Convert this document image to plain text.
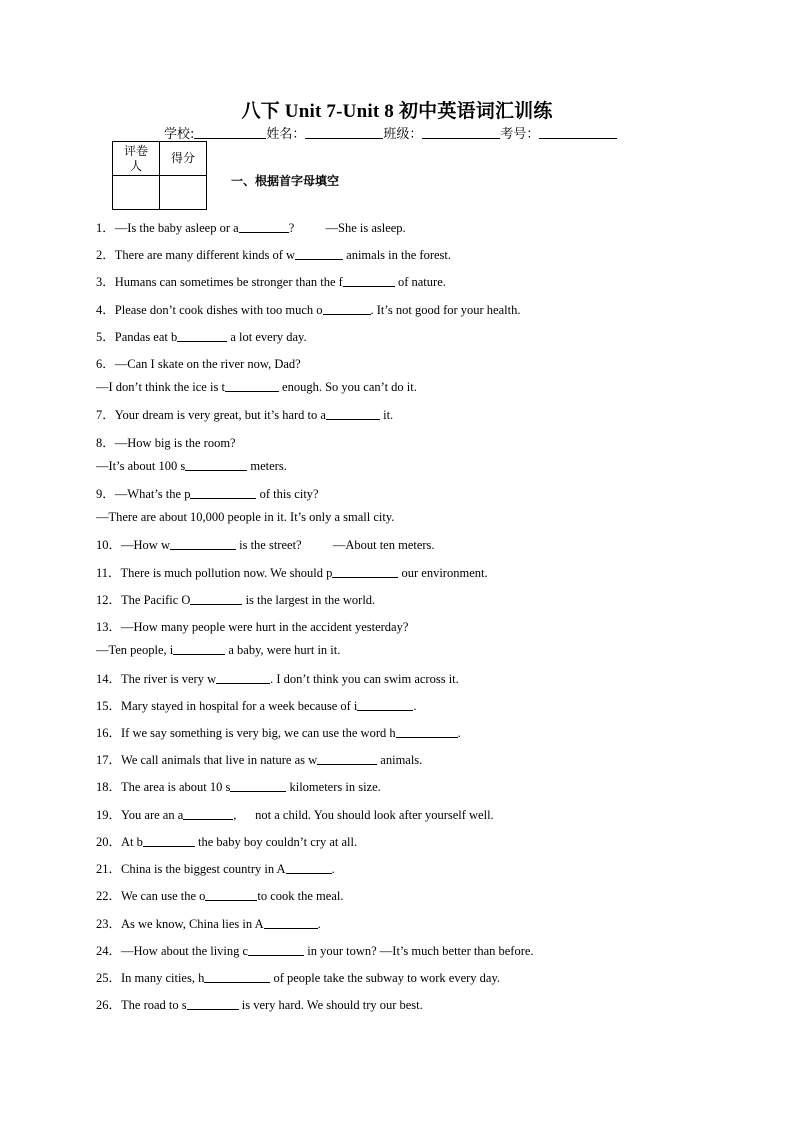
八下 Unit 7-Unit 8 初中英语词汇训练
学校:	姓名：	班级：	考号：
评卷人	得分

一、根据首字母填空
1．—Is the baby asleep or a	?          —She is asleep.
2．There are many different kinds of w	animals in the forest.
3．Humans can sometimes be stronger than the f	of nature.
4．Please don’t cook dishes with too much o	. It’s not good for your health.
5．Pandas eat b	a lot every day.
6．—Can I skate on the river now, Dad?
—I don’t think the ice is t	enough. So you can’t do it.
7．Your dream is very great, but it’s hard to a	it.
8．—How big is the room?
—It’s about 100 s	meters.
9．—What’s the p	of this city?
—There are about 10,000 people in it. It’s only a small city.
10．—How w	is the street?          —About ten meters.
11．There is much pollution now. We should p	our environment.
12．The Pacific O	is the largest in the world.
13．—How many people were hurt in the accident yesterday?
—Ten people, i	a baby, were hurt in it.
14．The river is very w	. I don’t think you can swim across it.
15．Mary stayed in hospital for a week because of i	.
16．If we say something is very big, we can use the word h	.
17．We call animals that live in nature as w	animals.
18．The area is about 10 s	kilometers in size.
19．You are an a	,      not a child. You should look after yourself well.
20．At b	the baby boy couldn’t cry at all.
21．China is the biggest country in A	.
22．We can use the o	to cook the meal.
23．As we know, China lies in A	.
24．—How about the living c	in your town? —It’s much better than before.
25．In many cities, h	of people take the subway to work every day.
26．The road to s	is very hard. We should try our best.
